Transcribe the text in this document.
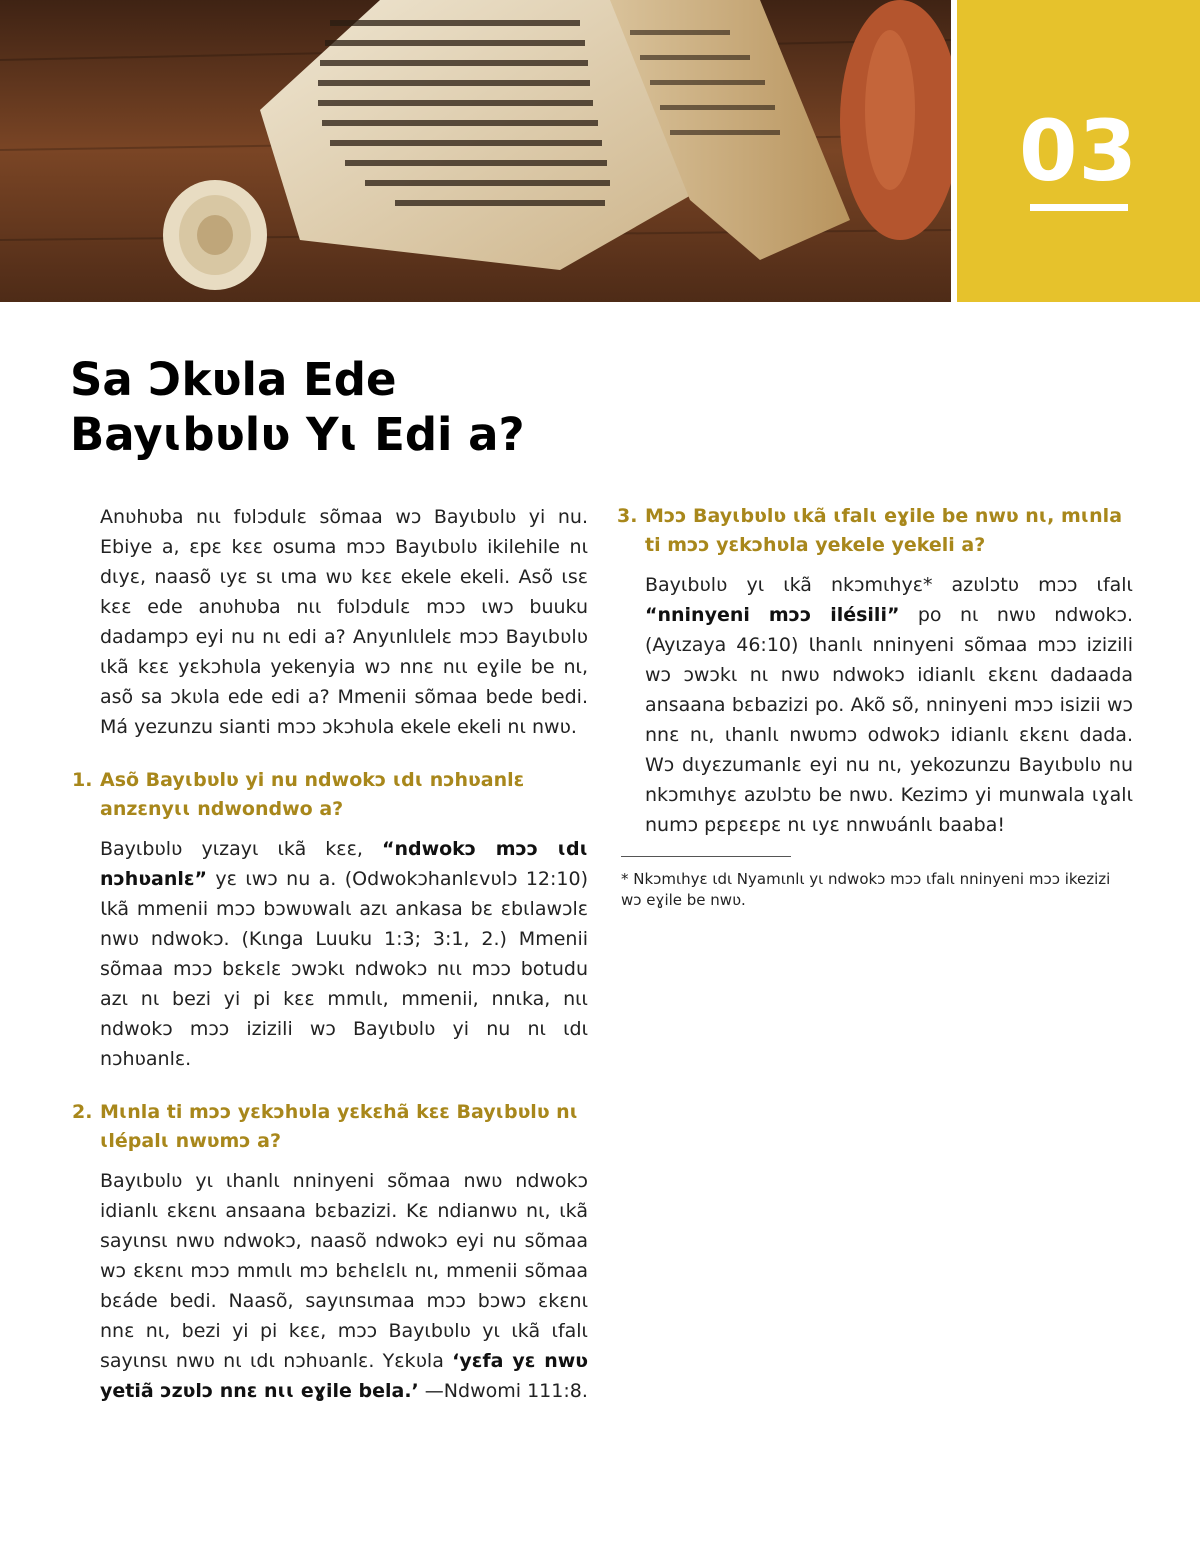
03
Sa Ɔkʋla Ede
Bayɩbʋlʋ Yɩ Edi a?

Anʋhʋba nɩɩ fʋlɔdulɛ sõmaa wɔ Bayɩbʋlʋ yi nu. Ebiye a, ɛpɛ kɛɛ osuma mɔɔ Bayɩbʋlʋ ikilehile nɩ dɩyɛ, naasõ ɩyɛ sɩ ɩma wʋ kɛɛ ekele ekeli. Asõ ɩsɛ kɛɛ ede anʋhʋba nɩɩ fʋlɔdulɛ mɔɔ ɩwɔ buuku dadampɔ eyi nu nɩ edi a? Anyɩnlɩlelɛ mɔɔ Bayɩbʋlʋ ɩkã kɛɛ yɛkɔhʋla yekenyia wɔ nnɛ nɩɩ eɣile be nɩ, asõ sa ɔkʋla ede edi a? Mmenii sõmaa bede bedi. Má yezunzu sianti mɔɔ ɔkɔhʋla ekele ekeli nɩ nwʋ.

1. Asõ Bayɩbʋlʋ yi nu ndwokɔ ɩdɩ nɔhʋanlɛ anzɛnyɩɩ ndwondwo a?

Bayɩbʋlʋ yɩzayɩ ɩkã kɛɛ, “ndwokɔ mɔɔ ɩdɩ nɔhʋanlɛ” yɛ ɩwɔ nu a. (Odwokɔhanlɛvʋlɔ 12:10) Ɩkã mmenii mɔɔ bɔwʋwalɩ azɩ ankasa bɛ ɛbɩlawɔlɛ nwʋ ndwokɔ. (Kɩnga Luuku 1:3; 3:1, 2.) Mmenii sõmaa mɔɔ bɛkɛlɛ ɔwɔkɩ ndwokɔ nɩɩ mɔɔ botudu azɩ nɩ bezi yi pi kɛɛ mmɩlɩ, mmenii, nnɩka, nɩɩ ndwokɔ mɔɔ izizili wɔ Bayɩbʋlʋ yi nu nɩ ɩdɩ nɔhʋanlɛ.

2. Mɩnla ti mɔɔ yɛkɔhʋla yɛkɛhã kɛɛ Bayɩbʋlʋ nɩ ɩlépalɩ nwʋmɔ a?

Bayɩbʋlʋ yɩ ɩhanlɩ nninyeni sõmaa nwʋ ndwokɔ idianlɩ ɛkɛnɩ ansaana bɛbazizi. Kɛ ndianwʋ nɩ, ɩkã sayɩnsɩ nwʋ ndwokɔ, naasõ ndwokɔ eyi nu sõmaa wɔ ɛkɛnɩ mɔɔ mmɩlɩ mɔ bɛhɛlɛlɩ nɩ, mmenii sõmaa bɛáde bedi. Naasõ, sayɩnsɩmaa mɔɔ bɔwɔ ɛkɛnɩ nnɛ nɩ, bezi yi pi kɛɛ, mɔɔ Bayɩbʋlʋ yɩ ɩkã ɩfalɩ sayɩnsɩ nwʋ nɩ ɩdɩ nɔhʋanlɛ. Yɛkʋla ‘yɛfa yɛ nwʋ yetiã ɔzʋlɔ nnɛ nɩɩ eɣile bela.’ —Ndwomi 111:8.

3. Mɔɔ Bayɩbʋlʋ ɩkã ɩfalɩ eɣile be nwʋ nɩ, mɩnla ti mɔɔ yɛkɔhʋla yekele yekeli a?

Bayɩbʋlʋ yɩ ɩkã nkɔmɩhyɛ* azʋlɔtʋ mɔɔ ɩfalɩ “nninyeni mɔɔ ilésili” po nɩ nwʋ ndwokɔ. (Ayɩzaya 46:10) Ɩhanlɩ nninyeni sõmaa mɔɔ izizili wɔ ɔwɔkɩ nɩ nwʋ ndwokɔ idianlɩ ɛkɛnɩ dadaada ansaana bɛbazizi po. Akõ sõ, nninyeni mɔɔ isizii wɔ nnɛ nɩ, ɩhanlɩ nwʋmɔ odwokɔ idianlɩ ɛkɛnɩ dada. Wɔ dɩyɛzumanlɛ eyi nu nɩ, yekozunzu Bayɩbʋlʋ nu nkɔmɩhyɛ azʋlɔtʋ be nwʋ. Kezimɔ yi munwala ɩɣalɩ numɔ pɛpɛɛpɛ nɩ ɩyɛ nnwʋánlɩ baaba!

* Nkɔmɩhyɛ ɩdɩ Nyamɩnlɩ yɩ ndwokɔ mɔɔ ɩfalɩ nninyeni mɔɔ ikezizi wɔ eɣile be nwʋ.
